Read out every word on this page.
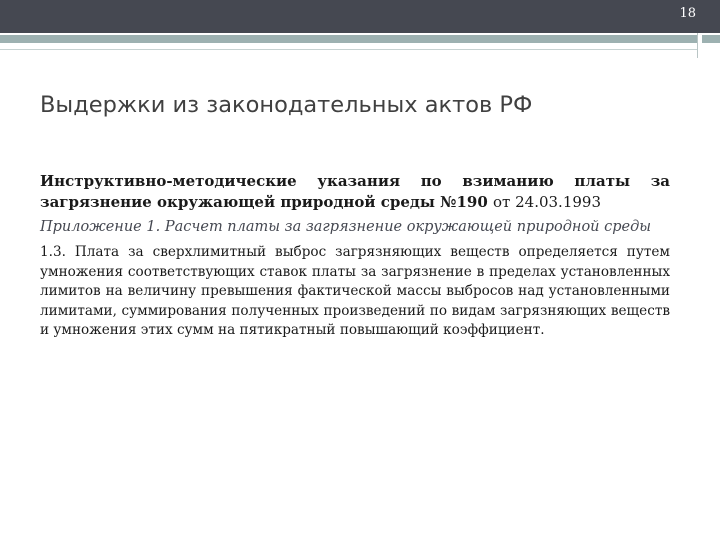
18
Выдержки из законодательных актов РФ

Инструктивно-методические указания по взиманию платы за загрязнение окружающей природной среды №190 от 24.03.1993

Приложение 1. Расчет платы за загрязнение окружающей природной среды

1.3. Плата за сверхлимитный выброс загрязняющих веществ определяется путем умножения соответствующих ставок платы за загрязнение в пределах установленных лимитов на величину превышения фактической массы выбросов над установленными лимитами, суммирования полученных произведений по видам загрязняющих веществ и умножения этих сумм на пятикратный повышающий коэффициент.
